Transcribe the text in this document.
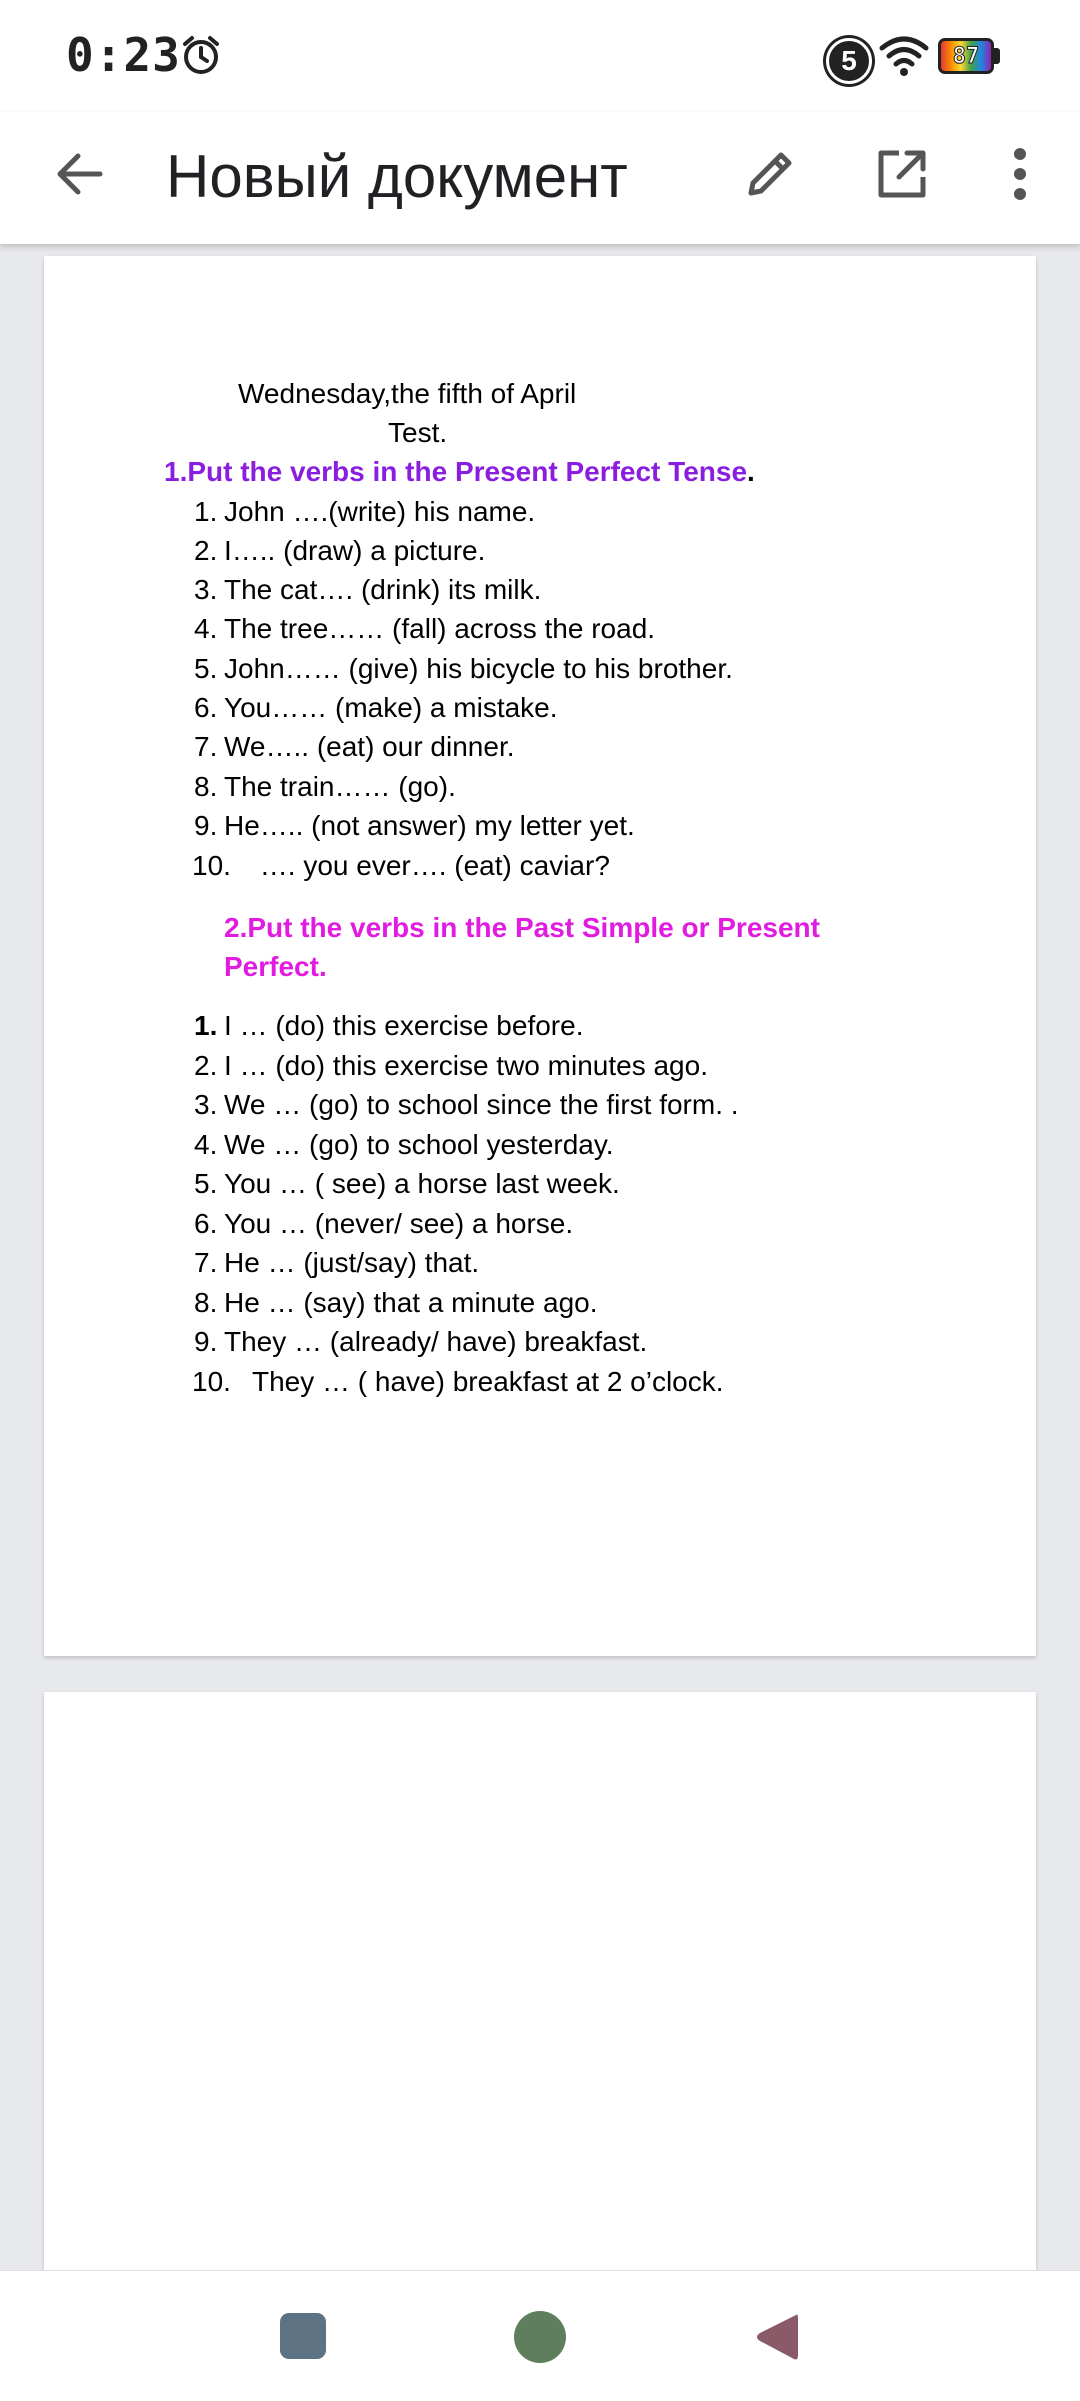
0:23	5	87
Новый документ
Wednesday,the fifth of April
Test.
1.Put the verbs in the Present Perfect Tense.
1. John ….(write) his name.
2. I….. (draw) a picture.
3. The cat…. (drink) its milk.
4. The tree…… (fall) across the road.
5. John…… (give) his bicycle to his brother.
6. You…… (make) a mistake.
7. We….. (eat) our dinner.
8. The train…… (go).
9. He….. (not answer) my letter yet.
10. …. you ever…. (eat) caviar?
2.Put the verbs in the Past Simple or Present Perfect.
1. I … (do) this exercise before.
2. I … (do) this exercise two minutes ago.
3. We … (go) to school since the first form. .
4. We … (go) to school yesterday.
5. You … ( see) a horse last week.
6. You … (never/ see) a horse.
7. He … (just/say) that.
8. He … (say) that a minute ago.
9. They … (already/ have) breakfast.
10. They … ( have) breakfast at 2 o’clock.
